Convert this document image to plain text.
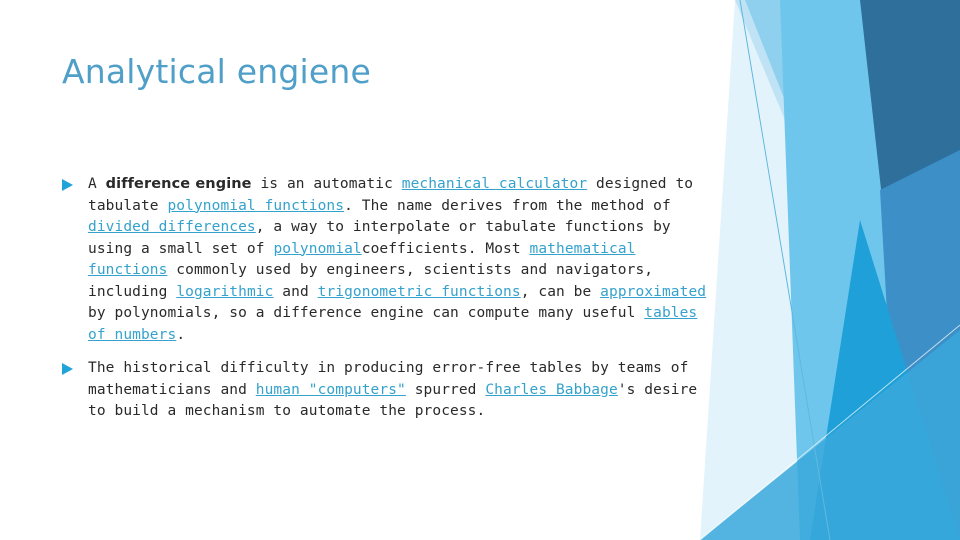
Analytical engiene
A difference engine is an automatic mechanical calculator designed to tabulate polynomial functions. The name derives from the method of divided differences, a way to interpolate or tabulate functions by using a small set of polynomialcoefficients. Most mathematical functions commonly used by engineers, scientists and navigators, including logarithmic and trigonometric functions, can be approximated by polynomials, so a difference engine can compute many useful tables of numbers.
The historical difficulty in producing error-free tables by teams of mathematicians and human "computers" spurred Charles Babbage's desire to build a mechanism to automate the process.
